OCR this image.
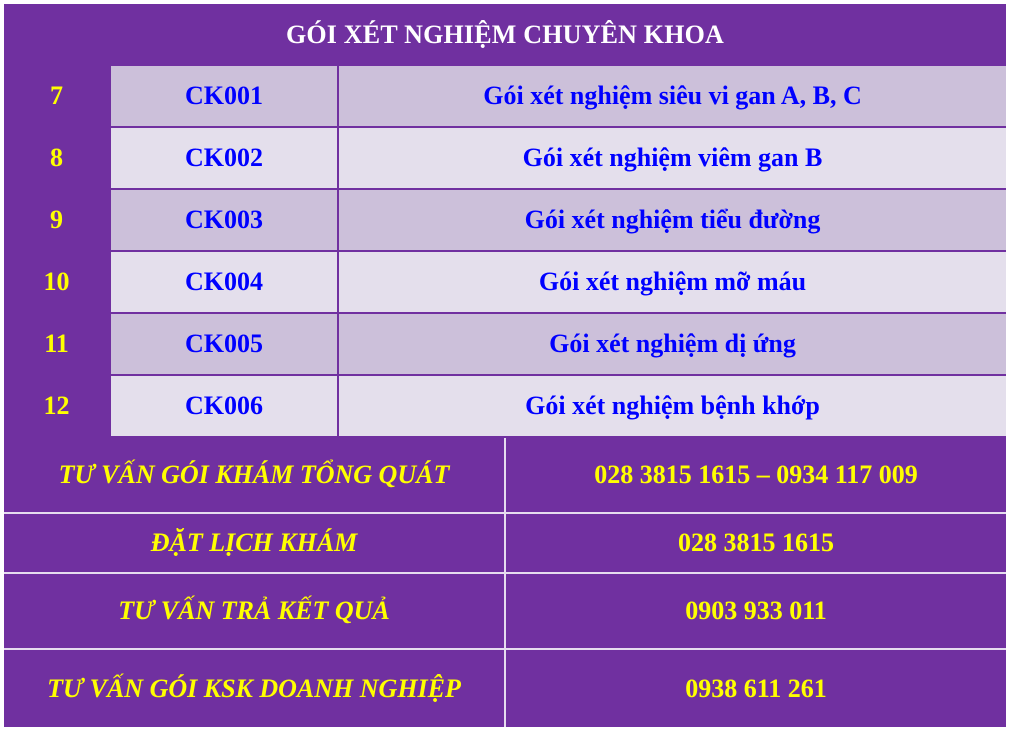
GÓI XÉT NGHIỆM CHUYÊN KHOA
7	CK001	Gói xét nghiệm siêu vi gan A, B, C
8	CK002	Gói xét nghiệm viêm gan B
9	CK003	Gói xét nghiệm tiểu đường
10	CK004	Gói xét nghiệm mỡ máu
11	CK005	Gói xét nghiệm dị ứng
12	CK006	Gói xét nghiệm bệnh khớp
TƯ VẤN GÓI KHÁM TỔNG QUÁT	028 3815 1615 – 0934 117 009
ĐẶT LỊCH KHÁM	028 3815 1615
TƯ VẤN TRẢ KẾT QUẢ	0903 933 011
TƯ VẤN GÓI KSK DOANH NGHIỆP	0938 611 261
